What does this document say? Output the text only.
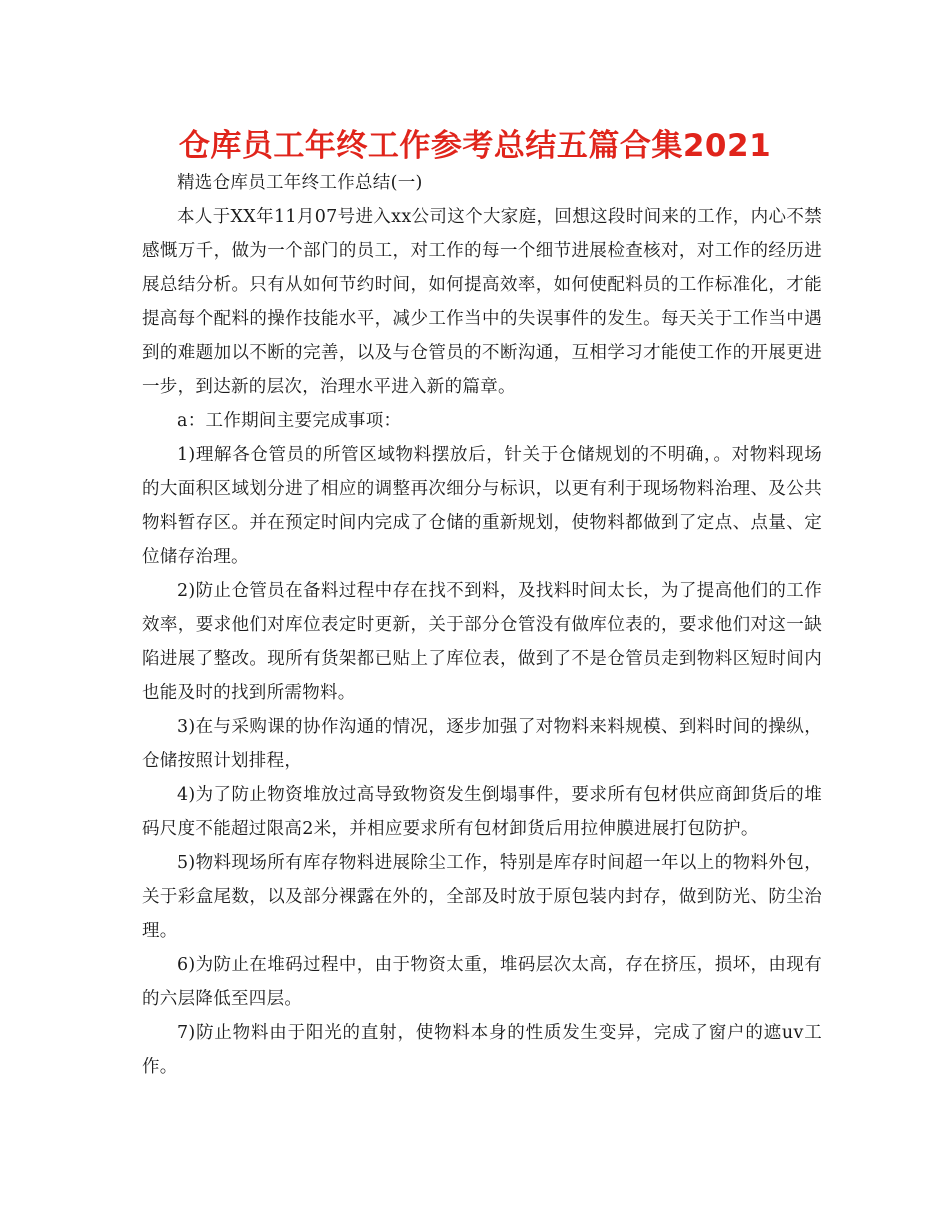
仓库员工年终工作参考总结五篇合集2021

精选仓库员工年终工作总结(一)

本人于XX年11月07号进入xx公司这个大家庭，回想这段时间来的工作，内心不禁感慨万千，做为一个部门的员工，对工作的每一个细节进展检查核对，对工作的经历进展总结分析。只有从如何节约时间，如何提高效率，如何使配料员的工作标准化，才能提高每个配料的操作技能水平，减少工作当中的失误事件的发生。每天关于工作当中遇到的难题加以不断的完善，以及与仓管员的不断沟通，互相学习才能使工作的开展更进一步，到达新的层次，治理水平进入新的篇章。

a：工作期间主要完成事项：

1)理解各仓管员的所管区域物料摆放后，针关于仓储规划的不明确，。对物料现场的大面积区域划分进了相应的调整再次细分与标识，以更有利于现场物料治理、及公共物料暂存区。并在预定时间内完成了仓储的重新规划，使物料都做到了定点、点量、定位储存治理。

2)防止仓管员在备料过程中存在找不到料，及找料时间太长，为了提高他们的工作效率，要求他们对库位表定时更新，关于部分仓管没有做库位表的，要求他们对这一缺陷进展了整改。现所有货架都已贴上了库位表，做到了不是仓管员走到物料区短时间内也能及时的找到所需物料。

3)在与采购课的协作沟通的情况，逐步加强了对物料来料规模、到料时间的操纵，仓储按照计划排程，

4)为了防止物资堆放过高导致物资发生倒塌事件，要求所有包材供应商卸货后的堆码尺度不能超过限高2米，并相应要求所有包材卸货后用拉伸膜进展打包防护。

5)物料现场所有库存物料进展除尘工作，特别是库存时间超一年以上的物料外包，关于彩盒尾数，以及部分裸露在外的，全部及时放于原包装内封存，做到防光、防尘治理。

6)为防止在堆码过程中，由于物资太重，堆码层次太高，存在挤压，损坏，由现有的六层降低至四层。

7)防止物料由于阳光的直射，使物料本身的性质发生变异，完成了窗户的遮uv工作。
